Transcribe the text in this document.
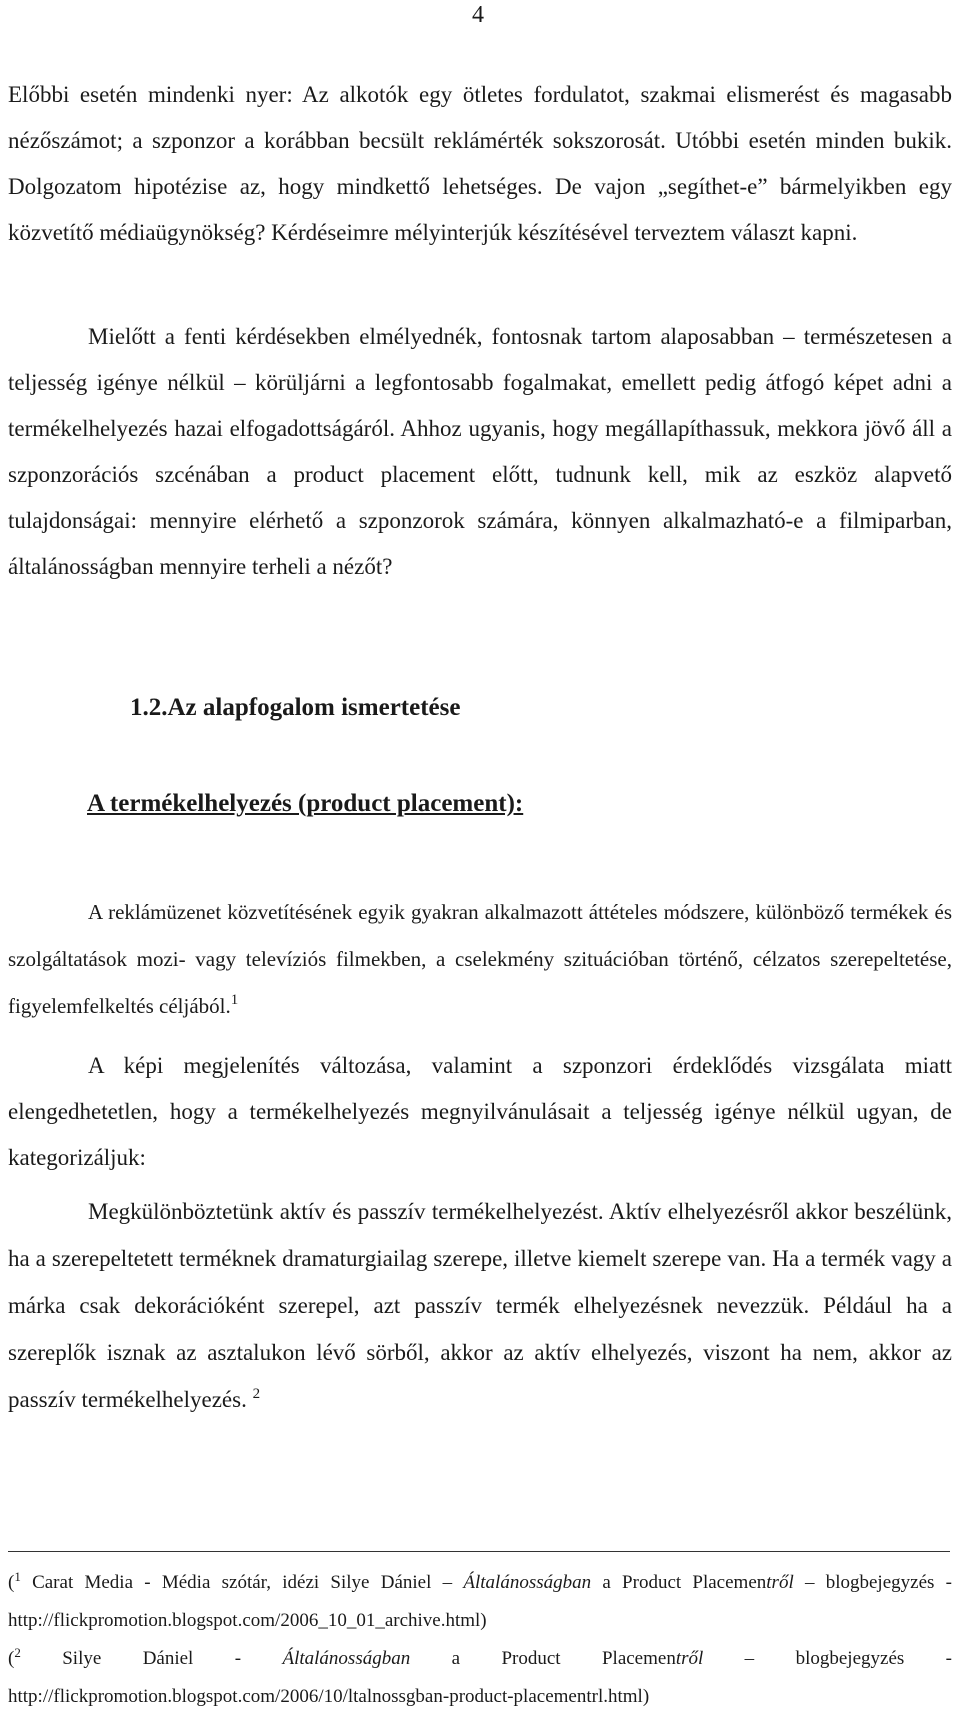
4

Előbbi esetén mindenki nyer: Az alkotók egy ötletes fordulatot, szakmai elismerést és magasabb nézőszámot; a szponzor a korábban becsült reklámérték sokszorosát. Utóbbi esetén minden bukik. Dolgozatom hipotézise az, hogy mindkettő lehetséges. De vajon „segíthet-e” bármelyikben egy közvetítő médiaügynökség? Kérdéseimre mélyinterjúk készítésével terveztem választ kapni.

Mielőtt a fenti kérdésekben elmélyednék, fontosnak tartom alaposabban – természetesen a teljesség igénye nélkül – körüljárni a legfontosabb fogalmakat, emellett pedig átfogó képet adni a termékelhelyezés hazai elfogadottságáról. Ahhoz ugyanis, hogy megállapíthassuk, mekkora jövő áll a szponzorációs szcénában a product placement előtt, tudnunk kell, mik az eszköz alapvető tulajdonságai: mennyire elérhető a szponzorok számára, könnyen alkalmazható-e a filmiparban, általánosságban mennyire terheli a nézőt?

1.2.Az alapfogalom ismertetése
A termékelhelyezés (product placement):

A reklámüzenet közvetítésének egyik gyakran alkalmazott áttételes módszere, különböző termékek és szolgáltatások mozi- vagy televíziós filmekben, a cselekmény szituációban történő, célzatos szerepeltetése, figyelemfelkeltés céljából.$^1$

A képi megjelenítés változása, valamint a szponzori érdeklődés vizsgálata miatt elengedhetetlen, hogy a termékelhelyezés megnyilvánulásait a teljesség igénye nélkül ugyan, de kategorizáljuk:

Megkülönböztetünk aktív és passzív termékelhelyezést. Aktív elhelyezésről akkor beszélünk, ha a szerepeltetett terméknek dramaturgiailag szerepe, illetve kiemelt szerepe van. Ha a termék vagy a márka csak dekorációként szerepel, azt passzív termék elhelyezésnek nevezzük. Például ha a szereplők isznak az asztalukon lévő sörből, akkor az aktív elhelyezés, viszont ha nem, akkor az passzív termékelhelyezés. $^2$

($^1$ Carat Media - Média szótár, idézi Silye Dániel – Általánosságban a Product Placementről – blogbejegyzés - http://flickpromotion.blogspot.com/2006_10_01_archive.html)

($^2$ Silye Dániel - Általánosságban a Product Placementről – blogbejegyzés - http://flickpromotion.blogspot.com/2006/10/ltalnossgban-product-placementrl.html)
